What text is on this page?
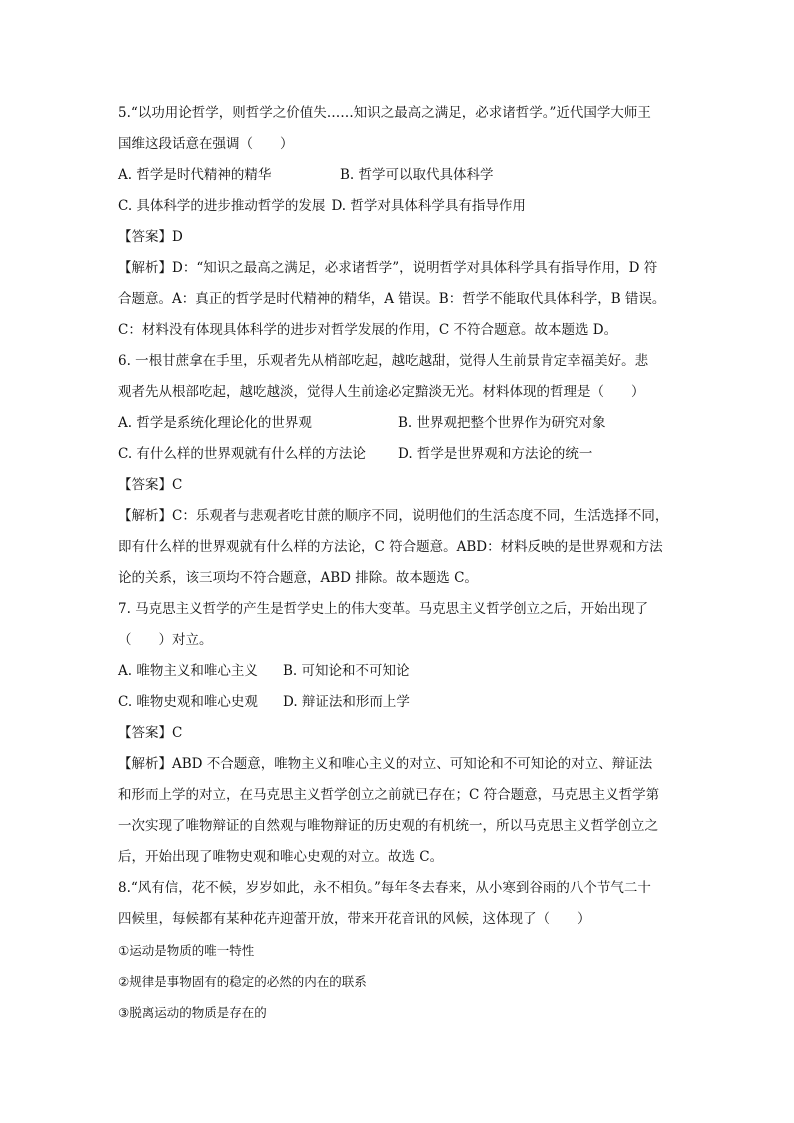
5.“以功用论哲学，则哲学之价值失……知识之最高之满足，必求诸哲学。”近代国学大师王
国维这段话意在强调（　　）
A. 哲学是时代精神的精华	B. 哲学可以取代具体科学
C. 具体科学的进步推动哲学的发展 D. 哲学对具体科学具有指导作用
【答案】D
【解析】D：“知识之最高之满足，必求诸哲学”，说明哲学对具体科学具有指导作用，D 符
合题意。A：真正的哲学是时代精神的精华，A 错误。B：哲学不能取代具体科学，B 错误。
C：材料没有体现具体科学的进步对哲学发展的作用，C 不符合题意。故本题选 D。
6. 一根甘蔗拿在手里，乐观者先从梢部吃起，越吃越甜，觉得人生前景肯定幸福美好。悲
观者先从根部吃起，越吃越淡，觉得人生前途必定黯淡无光。材料体现的哲理是（　　）
A. 哲学是系统化理论化的世界观	B. 世界观把整个世界作为研究对象
C. 有什么样的世界观就有什么样的方法论	D. 哲学是世界观和方法论的统一
【答案】C
【解析】C：乐观者与悲观者吃甘蔗的顺序不同，说明他们的生活态度不同，生活选择不同，
即有什么样的世界观就有什么样的方法论，C 符合题意。ABD：材料反映的是世界观和方法
论的关系，该三项均不符合题意，ABD 排除。故本题选 C。
7. 马克思主义哲学的产生是哲学史上的伟大变革。马克思主义哲学创立之后，开始出现了
（　　）对立。
A. 唯物主义和唯心主义	B. 可知论和不可知论
C. 唯物史观和唯心史观	D. 辩证法和形而上学
【答案】C
【解析】ABD 不合题意，唯物主义和唯心主义的对立、可知论和不可知论的对立、辩证法
和形而上学的对立，在马克思主义哲学创立之前就已存在；C 符合题意，马克思主义哲学第
一次实现了唯物辩证的自然观与唯物辩证的历史观的有机统一，所以马克思主义哲学创立之
后，开始出现了唯物史观和唯心史观的对立。故选 C。
8.“风有信，花不候，岁岁如此，永不相负。”每年冬去春来，从小寒到谷雨的八个节气二十
四候里，每候都有某种花卉迎蕾开放，带来开花音讯的风候，这体现了（　　）
①运动是物质的唯一特性
②规律是事物固有的稳定的必然的内在的联系
③脱离运动的物质是存在的
